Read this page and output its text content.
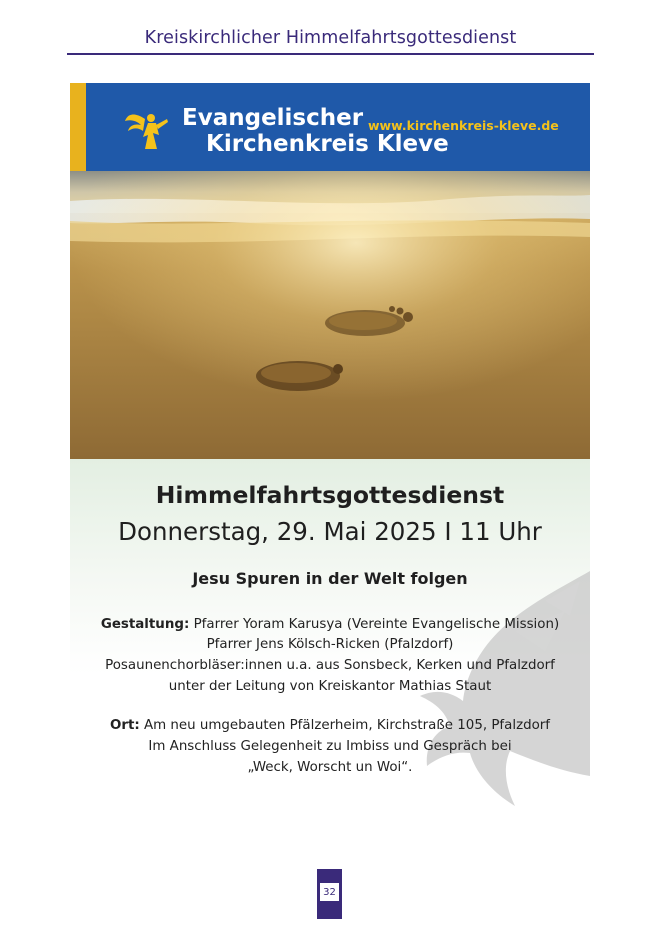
Kreiskirchlicher Himmelfahrtsgottesdienst
Evangelischer
Kirchenkreis Kleve
www.kirchenkreis-kleve.de
Himmelfahrtsgottesdienst
Donnerstag, 29. Mai 2025 I 11 Uhr
Jesu Spuren in der Welt folgen
Gestaltung: Pfarrer Yoram Karusya (Vereinte Evangelische Mission)
Pfarrer Jens Kölsch-Ricken (Pfalzdorf)
Posaunenchorbläser:innen u.a. aus Sonsbeck, Kerken und Pfalzdorf
unter der Leitung von Kreiskantor Mathias Staut
Ort: Am neu umgebauten Pfälzerheim, Kirchstraße 105, Pfalzdorf
Im Anschluss Gelegenheit zu Imbiss und Gespräch bei
„Weck, Worscht un Woi“.
32
